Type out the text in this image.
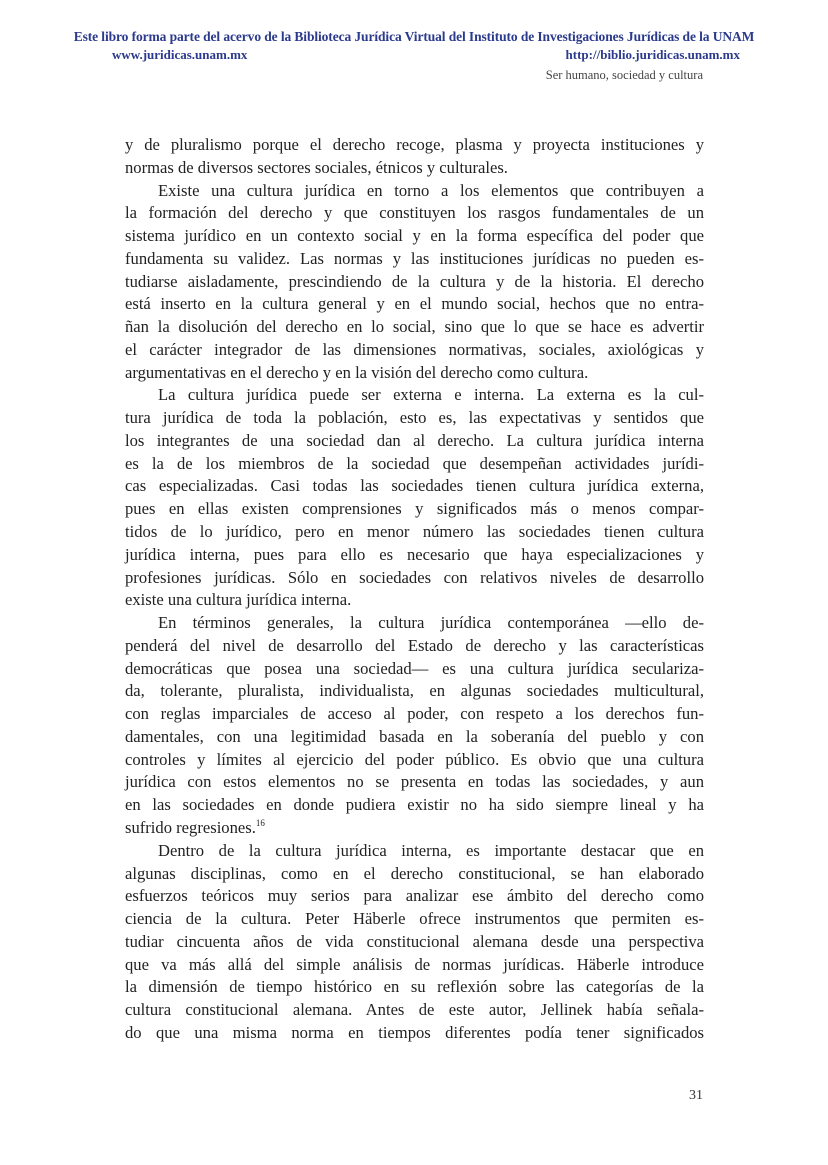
Este libro forma parte del acervo de la Biblioteca Jurídica Virtual del Instituto de Investigaciones Jurídicas de la UNAM
www.juridicas.unam.mx	http://biblio.juridicas.unam.mx
Ser humano, sociedad y cultura
y de pluralismo porque el derecho recoge, plasma y proyecta instituciones y
normas de diversos sectores sociales, étnicos y culturales.
Existe una cultura jurídica en torno a los elementos que contribuyen a
la formación del derecho y que constituyen los rasgos fundamentales de un
sistema jurídico en un contexto social y en la forma específica del poder que
fundamenta su validez. Las normas y las instituciones jurídicas no pueden es-
tudiarse aisladamente, prescindiendo de la cultura y de la historia. El derecho
está inserto en la cultura general y en el mundo social, hechos que no entra-
ñan la disolución del derecho en lo social, sino que lo que se hace es advertir
el carácter integrador de las dimensiones normativas, sociales, axiológicas y
argumentativas en el derecho y en la visión del derecho como cultura.
La cultura jurídica puede ser externa e interna. La externa es la cul-
tura jurídica de toda la población, esto es, las expectativas y sentidos que
los integrantes de una sociedad dan al derecho. La cultura jurídica interna
es la de los miembros de la sociedad que desempeñan actividades jurídi-
cas especializadas. Casi todas las sociedades tienen cultura jurídica externa,
pues en ellas existen comprensiones y significados más o menos compar-
tidos de lo jurídico, pero en menor número las sociedades tienen cultura
jurídica interna, pues para ello es necesario que haya especializaciones y
profesiones jurídicas. Sólo en sociedades con relativos niveles de desarrollo
existe una cultura jurídica interna.
En términos generales, la cultura jurídica contemporánea —ello de-
penderá del nivel de desarrollo del Estado de derecho y las características
democráticas que posea una sociedad— es una cultura jurídica seculariza-
da, tolerante, pluralista, individualista, en algunas sociedades multicultural,
con reglas imparciales de acceso al poder, con respeto a los derechos fun-
damentales, con una legitimidad basada en la soberanía del pueblo y con
controles y límites al ejercicio del poder público. Es obvio que una cultura
jurídica con estos elementos no se presenta en todas las sociedades, y aun
en las sociedades en donde pudiera existir no ha sido siempre lineal y ha
sufrido regresiones.$^{16}$
Dentro de la cultura jurídica interna, es importante destacar que en
algunas disciplinas, como en el derecho constitucional, se han elaborado
esfuerzos teóricos muy serios para analizar ese ámbito del derecho como
ciencia de la cultura. Peter Häberle ofrece instrumentos que permiten es-
tudiar cincuenta años de vida constitucional alemana desde una perspectiva
que va más allá del simple análisis de normas jurídicas. Häberle introduce
la dimensión de tiempo histórico en su reflexión sobre las categorías de la
cultura constitucional alemana. Antes de este autor, Jellinek había señala-
do que una misma norma en tiempos diferentes podía tener significados
31
